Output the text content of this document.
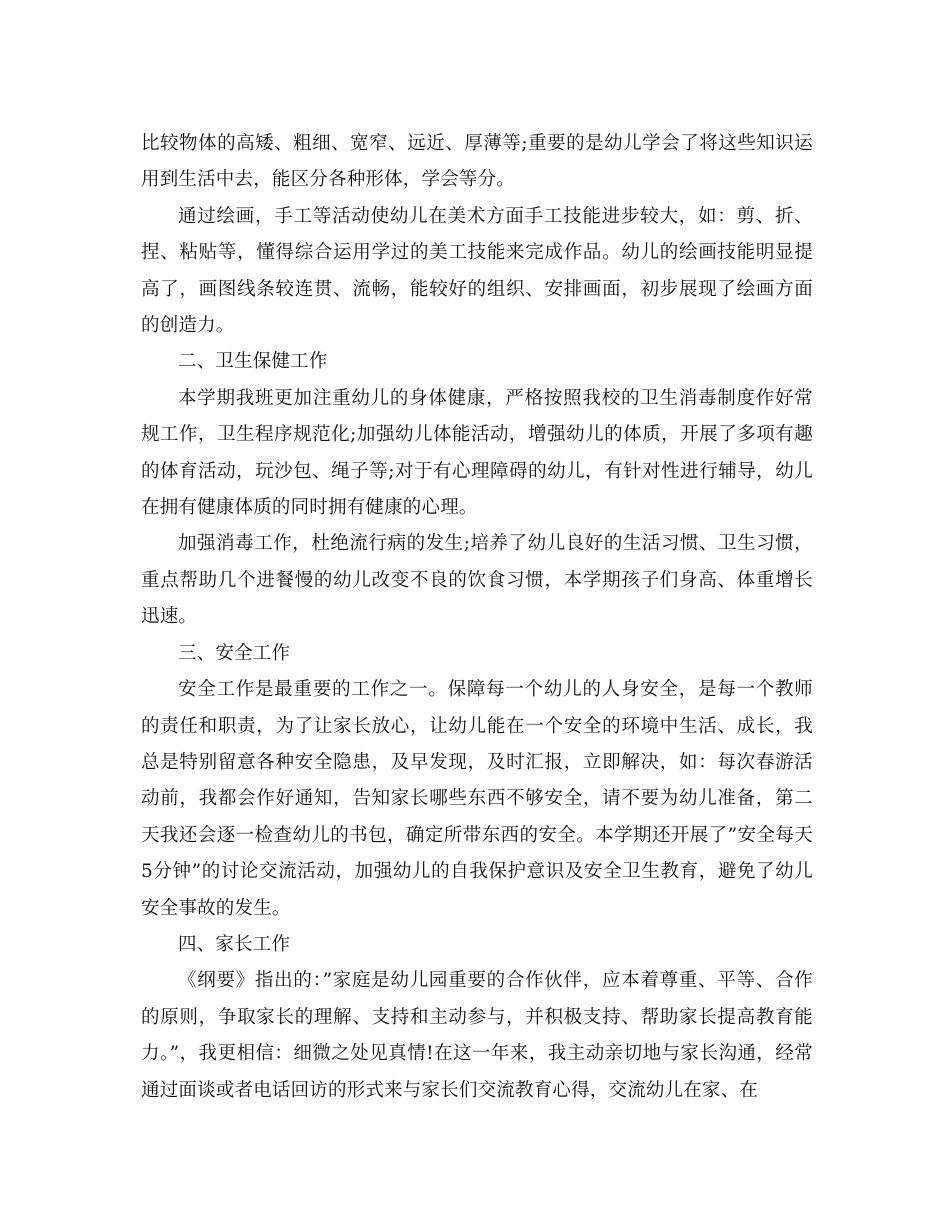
比较物体的高矮、粗细、宽窄、远近、厚薄等;重要的是幼儿学会了将这些知识运用到生活中去，能区分各种形体，学会等分。

通过绘画，手工等活动使幼儿在美术方面手工技能进步较大，如：剪、折、捏、粘贴等，懂得综合运用学过的美工技能来完成作品。幼儿的绘画技能明显提高了，画图线条较连贯、流畅，能较好的组织、安排画面，初步展现了绘画方面的创造力。

二、卫生保健工作

本学期我班更加注重幼儿的身体健康，严格按照我校的卫生消毒制度作好常规工作，卫生程序规范化;加强幼儿体能活动，增强幼儿的体质，开展了多项有趣的体育活动，玩沙包、绳子等;对于有心理障碍的幼儿，有针对性进行辅导，幼儿在拥有健康体质的同时拥有健康的心理。

加强消毒工作，杜绝流行病的发生;培养了幼儿良好的生活习惯、卫生习惯，重点帮助几个进餐慢的幼儿改变不良的饮食习惯，本学期孩子们身高、体重增长迅速。

三、安全工作

安全工作是最重要的工作之一。保障每一个幼儿的人身安全，是每一个教师的责任和职责，为了让家长放心，让幼儿能在一个安全的环境中生活、成长，我总是特别留意各种安全隐患，及早发现，及时汇报，立即解决，如：每次春游活动前，我都会作好通知，告知家长哪些东西不够安全，请不要为幼儿准备，第二天我还会逐一检查幼儿的书包，确定所带东西的安全。本学期还开展了”安全每天5分钟”的讨论交流活动，加强幼儿的自我保护意识及安全卫生教育，避免了幼儿安全事故的发生。

四、家长工作

《纲要》指出的：”家庭是幼儿园重要的合作伙伴，应本着尊重、平等、合作的原则，争取家长的理解、支持和主动参与，并积极支持、帮助家长提高教育能力。”，我更相信：细微之处见真情!在这一年来，我主动亲切地与家长沟通，经常通过面谈或者电话回访的形式来与家长们交流教育心得，交流幼儿在家、在
